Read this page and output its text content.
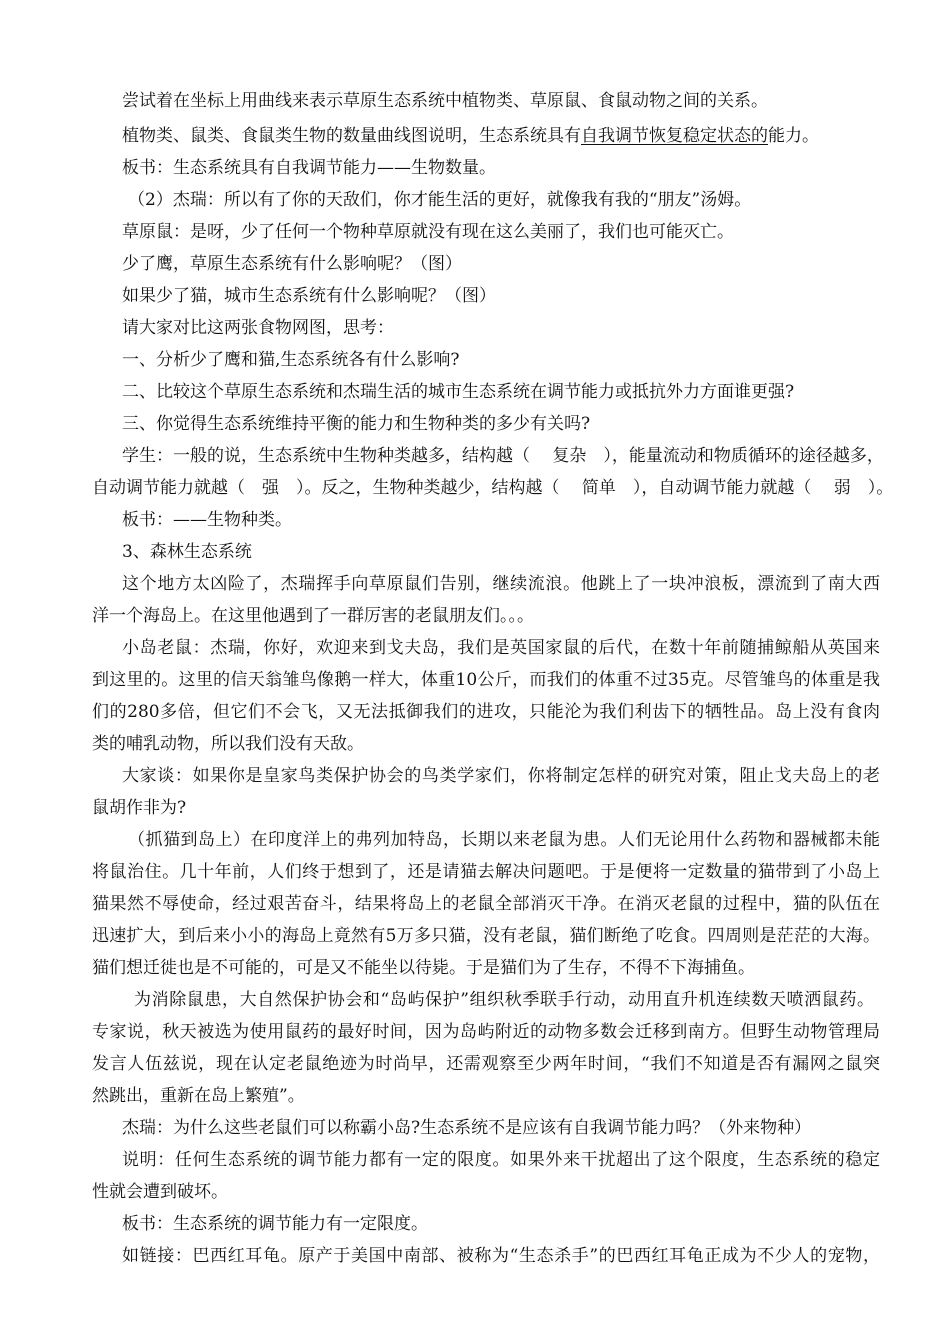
尝试着在坐标上用曲线来表示草原生态系统中植物类、草原鼠、食鼠动物之间的关系。
植物类、鼠类、食鼠类生物的数量曲线图说明，生态系统具有自我调节恢复稳定状态的能力。
板书：生态系统具有自我调节能力——生物数量。
（2）杰瑞：所以有了你的天敌们，你才能生活的更好，就像我有我的“朋友”汤姆。
草原鼠：是呀，少了任何一个物种草原就没有现在这么美丽了，我们也可能灭亡。
少了鹰，草原生态系统有什么影响呢？（图）
如果少了猫，城市生态系统有什么影响呢？（图）
请大家对比这两张食物网图，思考：
一、分析少了鹰和猫,生态系统各有什么影响?
二、比较这个草原生态系统和杰瑞生活的城市生态系统在调节能力或抵抗外力方面谁更强?
三、你觉得生态系统维持平衡的能力和生物种类的多少有关吗?
学生：一般的说，生态系统中生物种类越多，结构越（　 复杂　），能量流动和物质循环的途径越多，
自动调节能力就越（　强　）。反之，生物种类越少，结构越（　 简单　），自动调节能力就越（　 弱　）。
板书：——生物种类。
3、森林生态系统
这个地方太凶险了，杰瑞挥手向草原鼠们告别，继续流浪。他跳上了一块冲浪板，漂流到了南大西
洋一个海岛上。在这里他遇到了一群厉害的老鼠朋友们。。。
小岛老鼠：杰瑞，你好，欢迎来到戈夫岛，我们是英国家鼠的后代，在数十年前随捕鲸船从英国来
到这里的。这里的信天翁雏鸟像鹅一样大，体重10公斤，而我们的体重不过35克。尽管雏鸟的体重是我
们的280多倍，但它们不会飞，又无法抵御我们的进攻，只能沦为我们利齿下的牺牲品。岛上没有食肉
类的哺乳动物，所以我们没有天敌。
大家谈：如果你是皇家鸟类保护协会的鸟类学家们，你将制定怎样的研究对策，阻止戈夫岛上的老
鼠胡作非为?
（抓猫到岛上）在印度洋上的弗列加特岛，长期以来老鼠为患。人们无论用什么药物和器械都未能
将鼠治住。几十年前，人们终于想到了，还是请猫去解决问题吧。于是便将一定数量的猫带到了小岛上
猫果然不辱使命，经过艰苦奋斗，结果将岛上的老鼠全部消灭干净。在消灭老鼠的过程中，猫的队伍在
迅速扩大，到后来小小的海岛上竟然有5万多只猫，没有老鼠，猫们断绝了吃食。四周则是茫茫的大海。
猫们想迁徙也是不可能的，可是又不能坐以待毙。于是猫们为了生存，不得不下海捕鱼。
为消除鼠患，大自然保护协会和“岛屿保护”组织秋季联手行动，动用直升机连续数天喷洒鼠药。
专家说，秋天被选为使用鼠药的最好时间，因为岛屿附近的动物多数会迁移到南方。但野生动物管理局
发言人伍兹说，现在认定老鼠绝迹为时尚早，还需观察至少两年时间，“我们不知道是否有漏网之鼠突
然跳出，重新在岛上繁殖”。
杰瑞：为什么这些老鼠们可以称霸小岛?生态系统不是应该有自我调节能力吗？（外来物种）
说明：任何生态系统的调节能力都有一定的限度。如果外来干扰超出了这个限度，生态系统的稳定
性就会遭到破坏。
板书：生态系统的调节能力有一定限度。
如链接：巴西红耳龟。原产于美国中南部、被称为“生态杀手”的巴西红耳龟正成为不少人的宠物，
